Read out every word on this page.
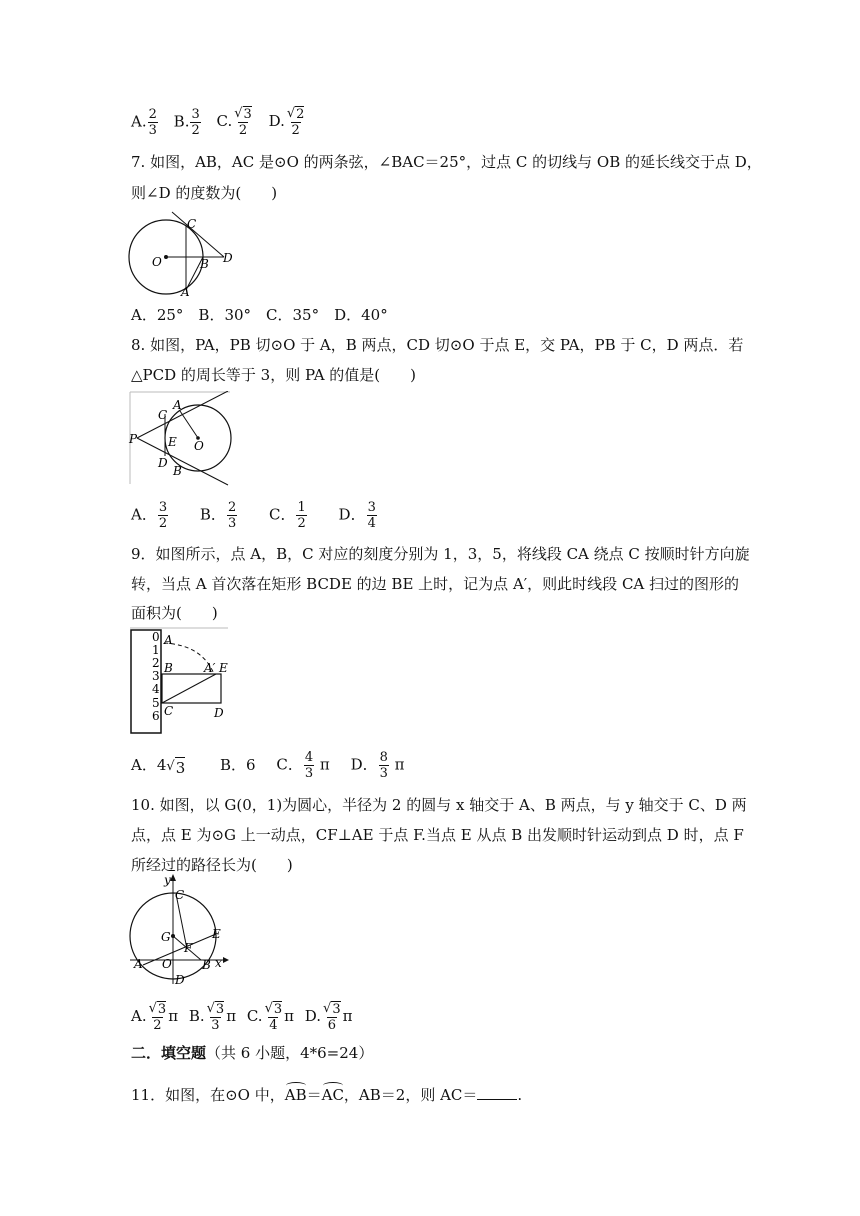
A. $\frac{2}{3} B$. $\frac{3}{2} C$. $\frac{√ 3}{2} D$. $\frac{√ 2}{2}$
7. 如图，AB，AC 是⊙O 的两条弦，∠BAC＝25°，过点 C 的切线与 OB 的延长线交于点 D，
则∠D 的度数为(　　)
C
O	B D
A
A．25°　B．30°　C．35°　D．40°
8. 如图，PA，PB 切⊙O 于 A，B 两点，CD 切⊙O 于点 E，交 PA，PB 于 C，D 两点．若
△PCD 的周长等于 3，则 PA 的值是(　　)
A
C
P	E O
D
B
A． $\frac{3}{2}$ B． $\frac{2}{3}$ C． $\frac{1}{2}$ D． $\frac{3}{4}$
9．如图所示，点 A，B，C 对应的刻度分别为 1，3，5，将线段 CA 绕点 C 按顺时针方向旋
转，当点 A 首次落在矩形 BCDE 的边 BE 上时，记为点 A′，则此时线段 CA 扫过的图形的
面积为(　　)
0
1
2
3
4
5
6
A
B	A′ E
C	D
A．4 √ 3 B．6 C． $\frac{4}{3}$ π D． $\frac{8}{3}$ π
10. 如图，以 G(0，1)为圆心，半径为 2 的圆与 x 轴交于 A、B 两点，与 y 轴交于 C、D 两
点，点 E 为⊙G 上一动点，CF⊥AE 于点 F.当点 E 从点 B 出发顺时针运动到点 D 时，点 F
所经过的路径长为(　　)
y
C
G	E
F
A O	B x
D
A. $\frac{√ 3}{2}$ π B. $\frac{√ 3}{3}$ π C. $\frac{√ 3}{4}$ π D. $\frac{√ 3}{6}$ π
二．填空题（共 6 小题，4*6=24）
11．如图，在⊙O 中，AB＝AC，AB＝2，则 AC＝	.
